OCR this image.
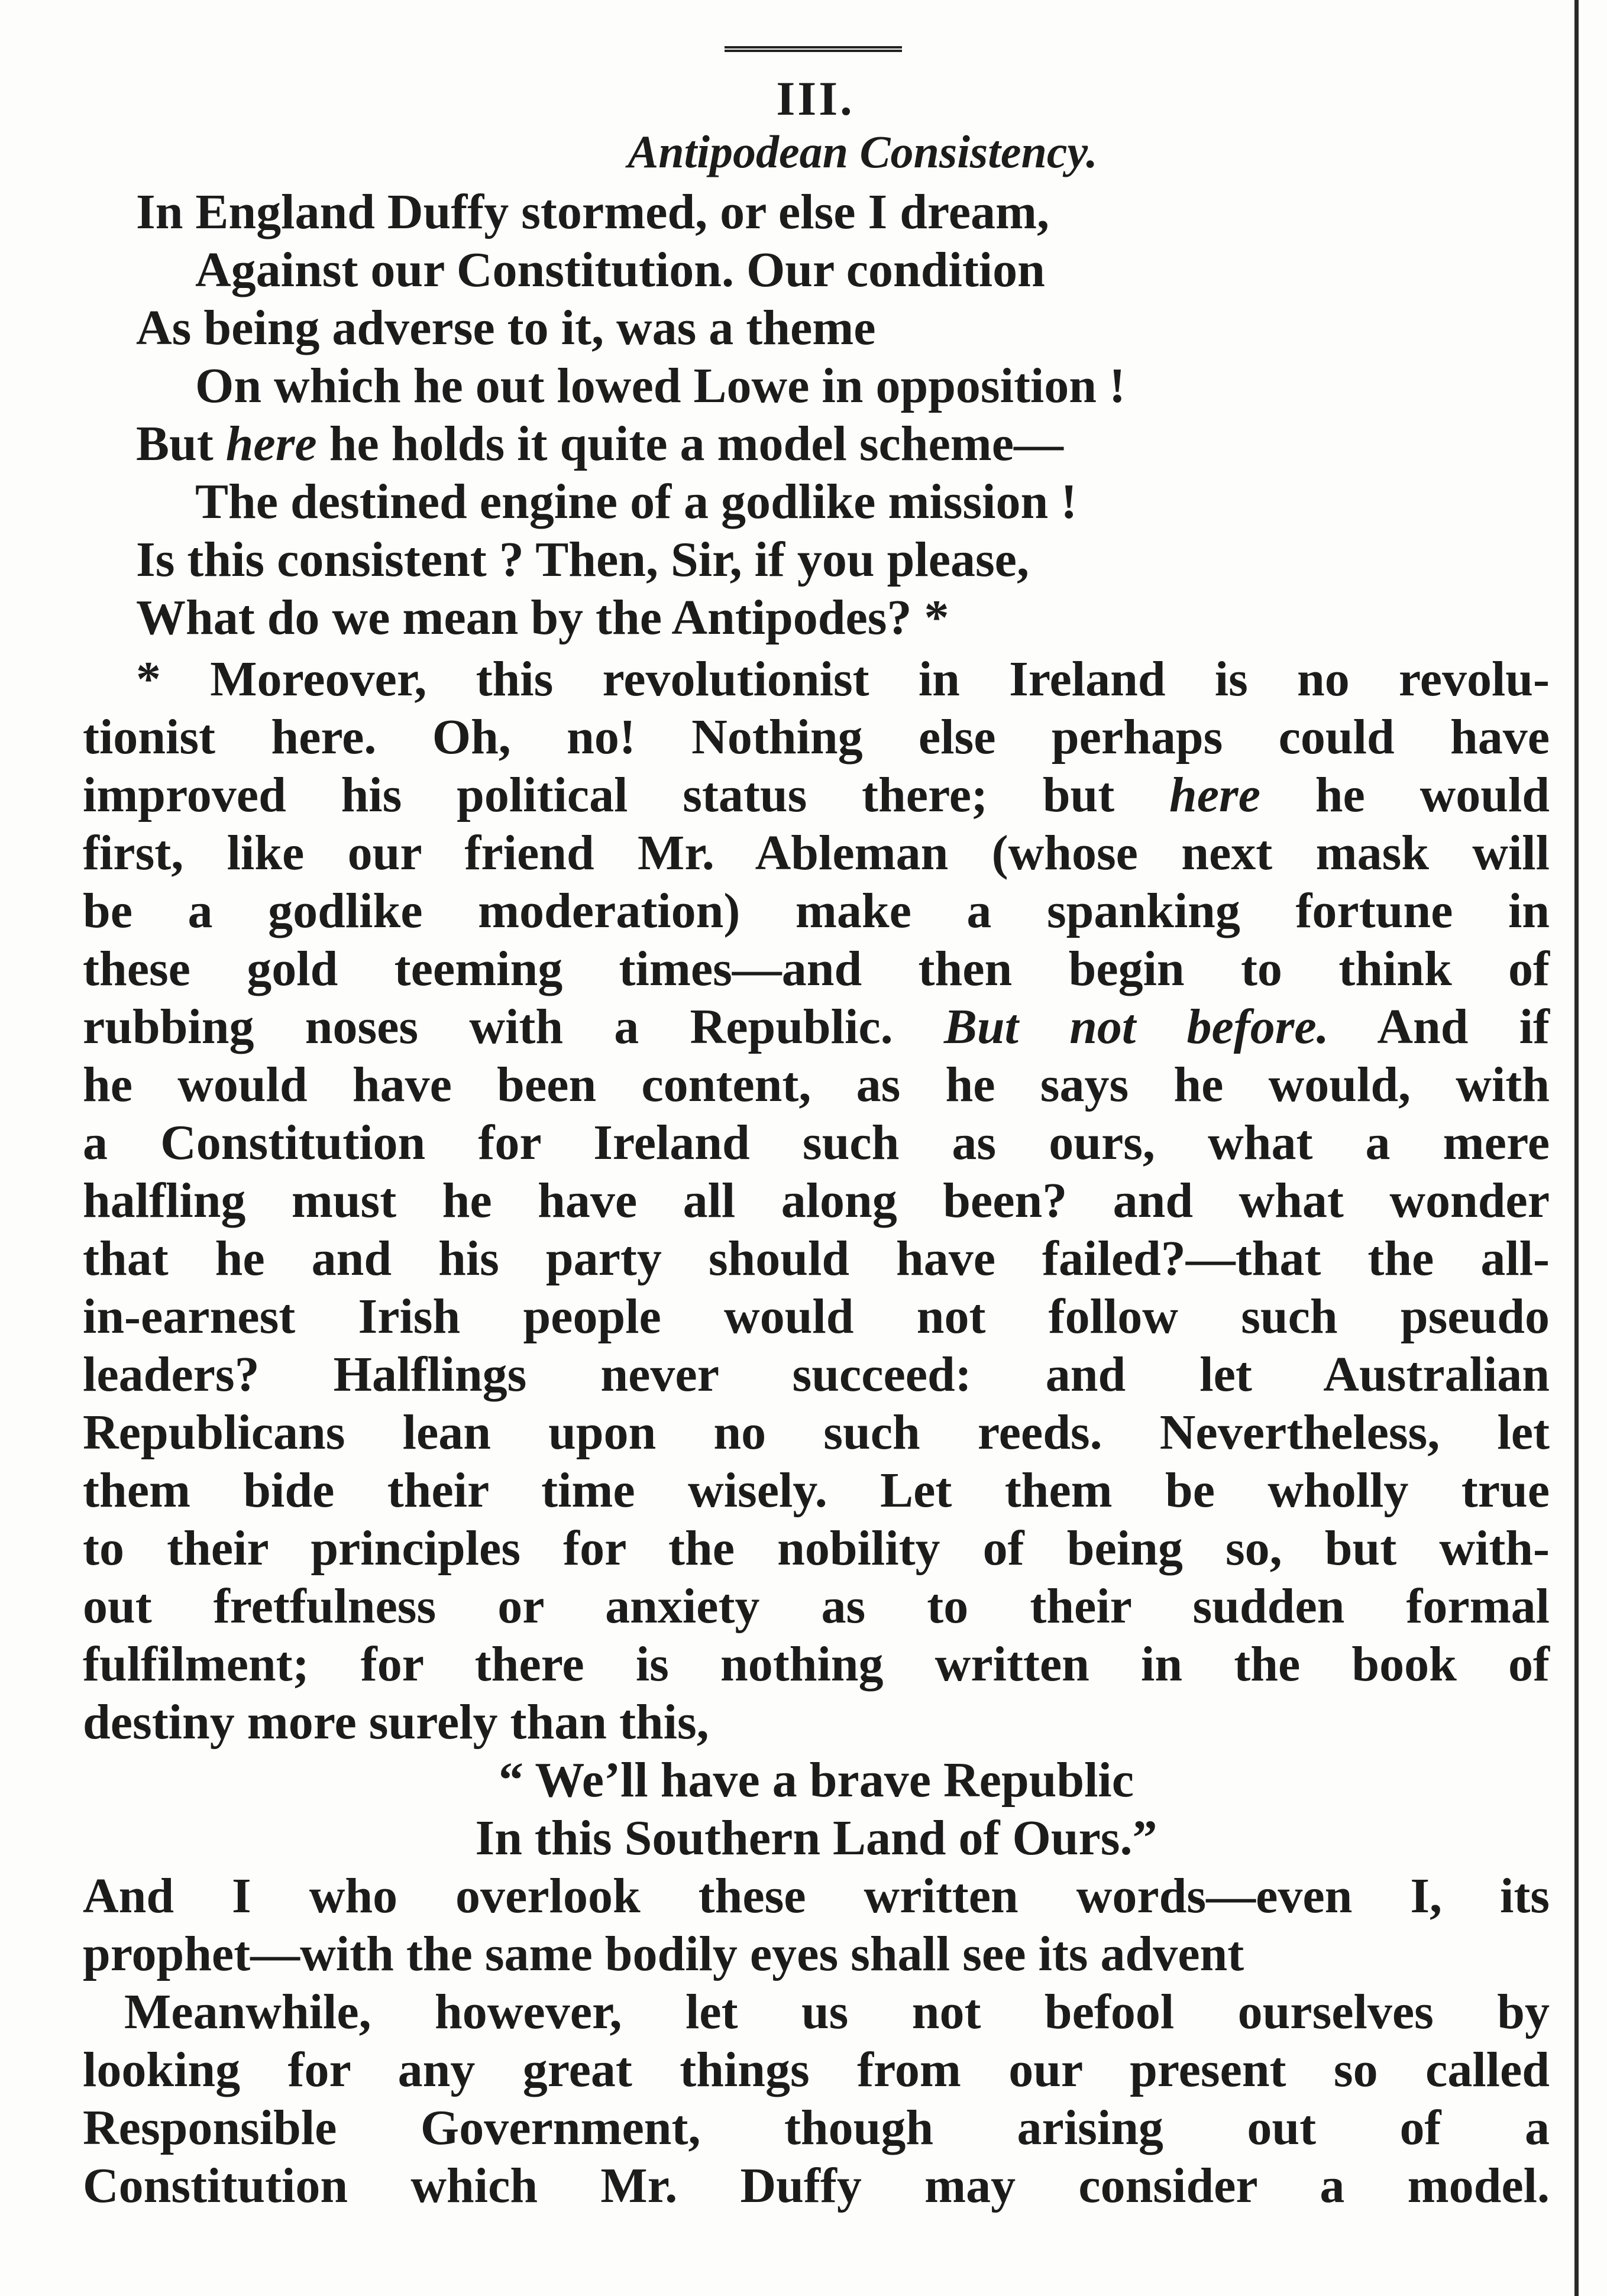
III.
Antipodean Consistency.
In England Duffy stormed, or else I dream,
Against our Constitution. Our condition
As being adverse to it, was a theme
On which he out lowed Lowe in opposition !
But here he holds it quite a model scheme—
The destined engine of a godlike mission !
Is this consistent ? Then, Sir, if you please,
What do we mean by the Antipodes? *
* Moreover, this revolutionist in Ireland is no revolu-
tionist here. Oh, no! Nothing else perhaps could have
improved his political status there; but here he would
first, like our friend Mr. Ableman (whose next mask will
be a godlike moderation) make a spanking fortune in
these gold teeming times—and then begin to think of
rubbing noses with a Republic. But not before. And if
he would have been content, as he says he would, with
a Constitution for Ireland such as ours, what a mere
halfling must he have all along been? and what wonder
that he and his party should have failed?—that the all-
in-earnest Irish people would not follow such pseudo
leaders? Halflings never succeed: and let Australian
Republicans lean upon no such reeds. Nevertheless, let
them bide their time wisely. Let them be wholly true
to their principles for the nobility of being so, but with-
out fretfulness or anxiety as to their sudden formal
fulfilment; for there is nothing written in the book of
destiny more surely than this,
“ We’ll have a brave Republic
In this Southern Land of Ours.”
And I who overlook these written words—even I, its
prophet—with the same bodily eyes shall see its advent
Meanwhile, however, let us not befool ourselves by
looking for any great things from our present so called
Responsible Government, though arising out of a
Constitution which Mr. Duffy may consider a model.
